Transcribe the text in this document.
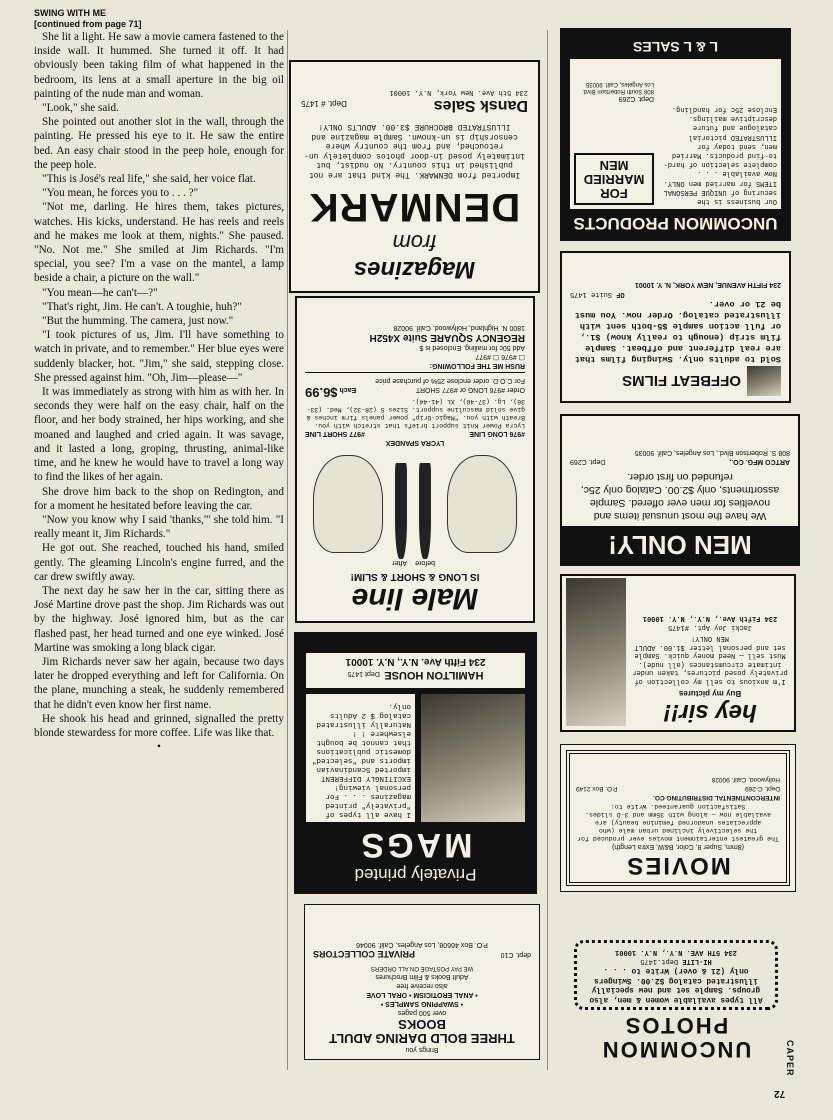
SWING WITH ME
[continued from page 71]

She lit a light. He saw a movie camera fastened to the inside wall. It hummed. She turned it off. It had obviously been taking film of what happened in the bedroom, its lens at a small aperture in the big oil painting of the nude man and woman.

"Look," she said.

She pointed out another slot in the wall, through the painting. He pressed his eye to it. He saw the entire bed. An easy chair stood in the peep hole, enough for the peep hole.

"This is José's real life," she said, her voice flat.

"You mean, he forces you to . . . ?"

"Not me, darling. He hires them, takes pictures, watches. His kicks, understand. He has reels and reels and he makes me look at them, nights." She paused. "No. Not me." She smiled at Jim Richards. "I'm special, you see? I'm a vase on the mantel, a lamp beside a chair, a picture on the wall."

"You mean—he can't—?"

"That's right, Jim. He can't. A toughie, huh?"

"But the humming. The camera, just now."

"I took pictures of us, Jim. I'll have something to watch in private, and to remember." Her blue eyes were suddenly blacker, hot. "Jim," she said, stepping close. She pressed against him. "Oh, Jim—please—"

It was immediately as strong with him as with her. In seconds they were half on the easy chair, half on the floor, and her body strained, her hips working, and she moaned and laughed and cried again. It was savage, and it lasted a long, groping, thrusting, animal-like time, and he knew he would have to travel a long way to find the likes of her again.

She drove him back to the shop on Redington, and for a moment he hesitated before leaving the car.

"Now you know why I said 'thanks,'" she told him. "I really meant it, Jim Richards."

He got out. She reached, touched his hand, smiled gently. The gleaming Lincoln's engine furred, and the car drew swiftly away.

The next day he saw her in the car, sitting there as José Martine drove past the shop. Jim Richards was out by the highway. José ignored him, but as the car flashed past, her head turned and one eye winked. José Martine was smoking a long black cigar.

Jim Richards never saw her again, because two days later he dropped everything and left for California. On the plane, munching a steak, he suddenly remembered that he didn't even know her first name.

He shook his head and grinned, signalled the pretty blonde stewardess for more coffee. Life was like that.

•
Magazines
from
DENMARK
Imported from DENMARK. The kind that are not published in this country. No nudist, but intimately posed in-door photos completely un-retouched, and from the country where censorship is un-known. Sample magazine and ILLUSTRATED BROCHURE $3.00. ADULTS ONLY!
Dansk Sales
Dept. # 1475
234 5th Ave. New York, N.Y. 10001
Male line
IS LONG & SHORT & SLIM!
before
After
LYCRA SPANDEX
#976 LONG LINE
#977 SHORT LINE
Lycra Power Knit support briefs that stretch with you. Breath with you. "Magic-Grip" power panels firm inches & give solid masculine support. Sizes S (28-32), Med. (33-36), Lg. (37-40), XL (41-44).
Order #976 LONG or #977 SHORT
Each $6.99
For C.O.D. order enclose 25% of purchase price
RUSH ME THE FOLLOWING:
☐ #976 ☐ #977
Add 50c for mailing. Enclosed is $
REGENCY SQUARE Suite X452H
1800 N. Highland, Hollywood, Calif. 90028
Privately printed
MAGS
I have all types of "privately" printed magazines . . . For personal viewing! EXCITINGLY DIFFERENT imported Scandinavian imports and "selected" domestic publications that cannot be bought elsewhere ! ! Naturally illustrated catalog $ 2 Adults only.
HAMILTON HOUSE Dept 1475
234 Fifth Ave. N.Y., N.Y. 10001
Brings you
THREE BOLD DARING ADULT BOOKS
over 500 pages
• SWAPPING SAMPLES •
• ANAL EROTICISM • ORAL LOVE
also receive free
Adult Books & Film Brochures
WE PAY POSTAGE ON ALL ORDERS
dept. C10
PRIVATE COLLECTORS
P.O. Box 46608, Los Angeles, Calif. 90046
UNCOMMON PRODUCTS
Our business is the securing of UNIQUE PERSONAL ITEMS for married men ONLY. Now available . . . complete selection of hard-to-find products. Married men, send today for ILLUSTRATED pictorial catalogue and future descriptive mailings. Enclose 25c for handling.
FOR MARRIED MEN
Dept. C269
808 South Robertson Blvd. Los Angeles, Calif. 90035
L & L SALES
OFFBEAT FILMS
Sold to adults only. Swinging films that are real different and offbeat. Sample film strip (enough to really know) $1., or full action sample $5-both sent with illustrated catalog. Order now. You must be 21 or over.
OF Suite 1475
234 FIFTH AVENUE, NEW YORK, N. Y. 10001
MEN ONLY!
We have the most unusual items and novelties for men ever offered. Sample assortments, only $2.00. Catalog only 25c, refunded on first order.
ARTCO MFG. CO.,
Dept. C269
808 S. Robertson Blvd., Los Angeles, Calif. 90035
hey sir!!
Buy my pictures
I'm anxious to sell my collection of privately posed pictures, taken under intimate circumstances (all nude). Must sell — Need money quick. Sample set and personal letter $1.00. ADULT MEN ONLY!
Jacki Joy Apt. #1475
234 Fifth Ave., N.Y., N.Y. 10001
MOVIES
(8mm, Super 8, Color, B&W, Extra Length)
The greatest entertainment movies ever produced for the selectively inclined urban male (who appreciates unadorned feminine beauty) are available now — along with 35mm and 3-D slides. Satisfaction guaranteed. Write to:
INTERCONTINENTAL DISTRIBUTING CO.
Dept. C-269
P.O. Box 2149
Hollywood, Calif. 90028
UNCOMMON
PHOTOS
All types available women & men, also groups. Sample set and new specially illustrated catalog $2.00. Swingers only (21 & over) Write to . . .
HI-LITE Dept.1475
234 5TH AVE. N.Y., N.Y. 10001
72
CAPER
